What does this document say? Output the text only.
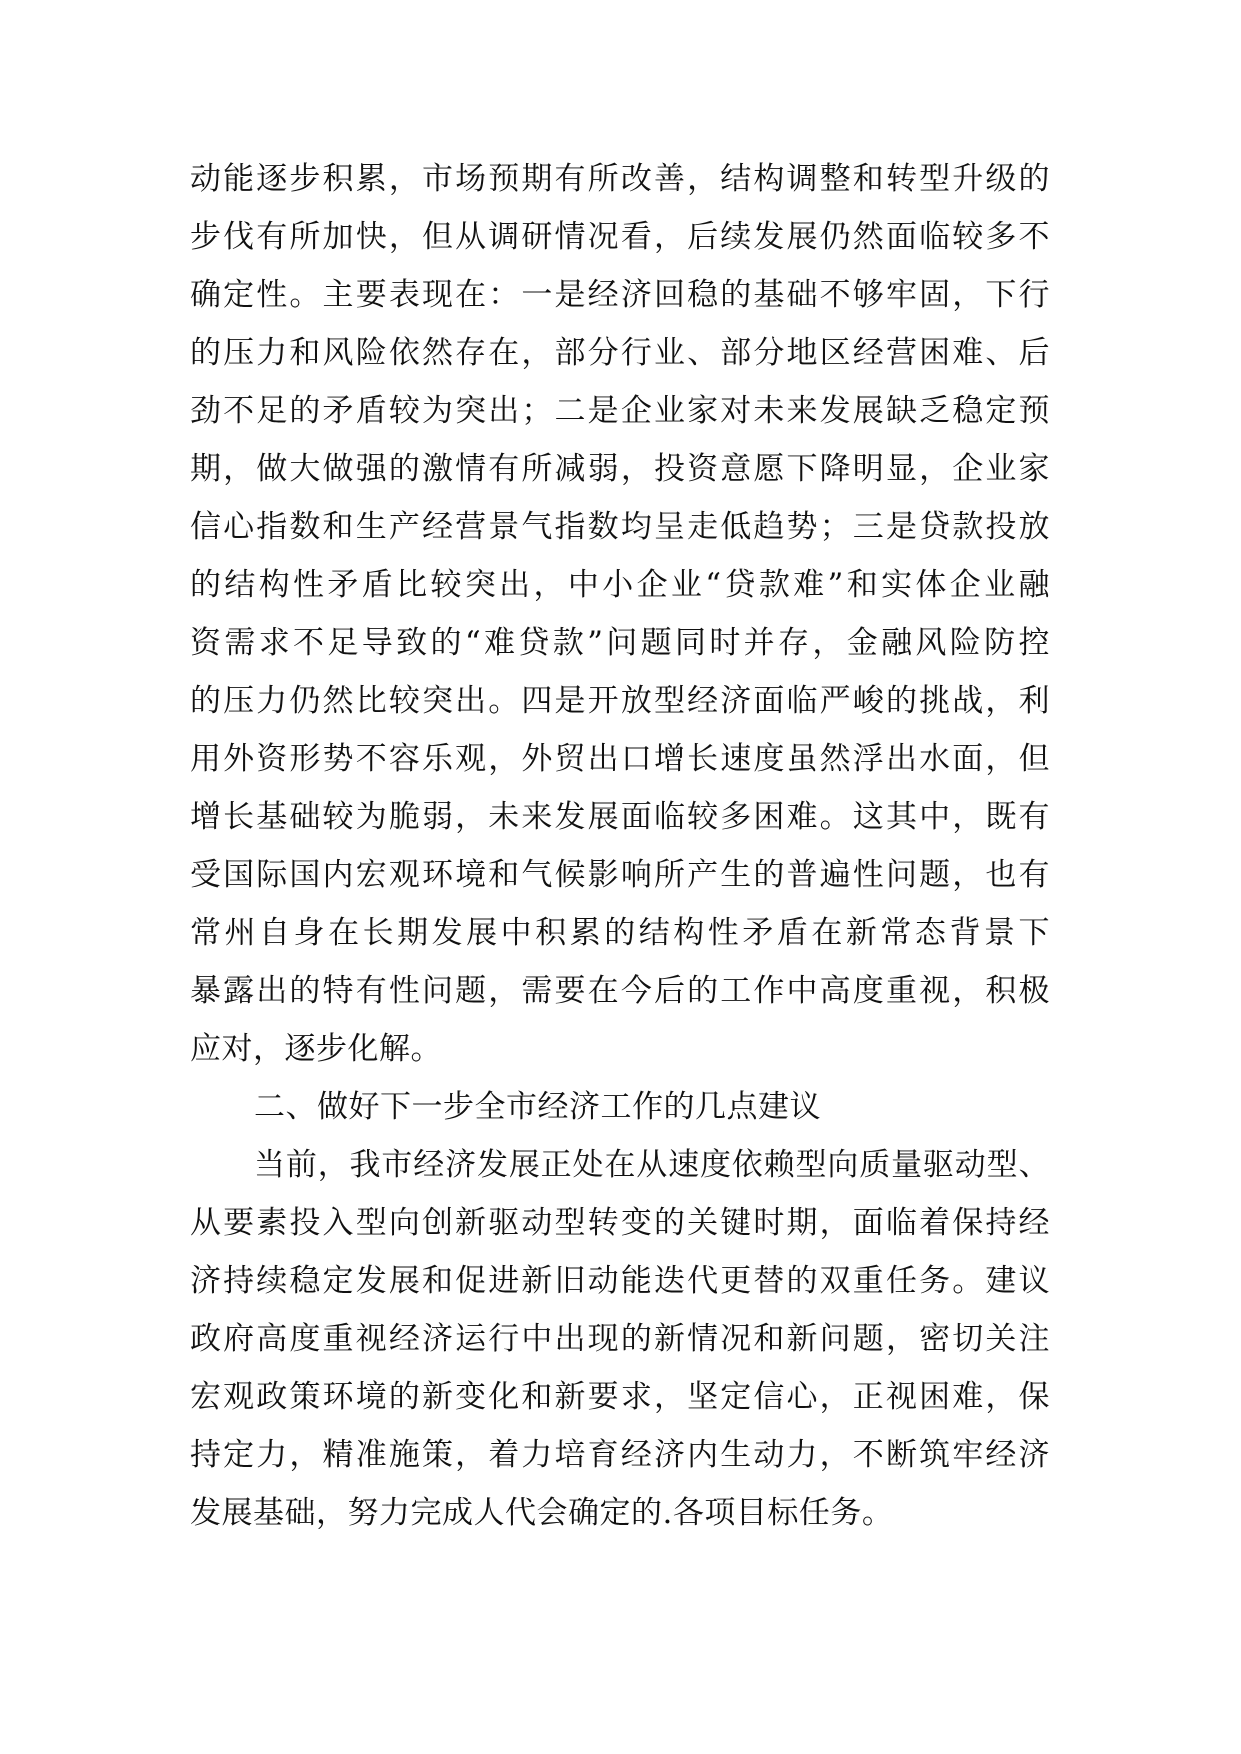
动能逐步积累，市场预期有所改善，结构调整和转型升级的
步伐有所加快，但从调研情况看，后续发展仍然面临较多不
确定性。主要表现在：一是经济回稳的基础不够牢固，下行
的压力和风险依然存在，部分行业、部分地区经营困难、后
劲不足的矛盾较为突出；二是企业家对未来发展缺乏稳定预
期，做大做强的激情有所减弱，投资意愿下降明显，企业家
信心指数和生产经营景气指数均呈走低趋势；三是贷款投放
的结构性矛盾比较突出，中小企业“贷款难”和实体企业融
资需求不足导致的“难贷款”问题同时并存，金融风险防控
的压力仍然比较突出。四是开放型经济面临严峻的挑战，利
用外资形势不容乐观，外贸出口增长速度虽然浮出水面，但
增长基础较为脆弱，未来发展面临较多困难。这其中，既有
受国际国内宏观环境和气候影响所产生的普遍性问题，也有
常州自身在长期发展中积累的结构性矛盾在新常态背景下
暴露出的特有性问题，需要在今后的工作中高度重视，积极
应对，逐步化解。
二、做好下一步全市经济工作的几点建议
当前，我市经济发展正处在从速度依赖型向质量驱动型、
从要素投入型向创新驱动型转变的关键时期，面临着保持经
济持续稳定发展和促进新旧动能迭代更替的双重任务。建议
政府高度重视经济运行中出现的新情况和新问题，密切关注
宏观政策环境的新变化和新要求，坚定信心，正视困难，保
持定力，精准施策，着力培育经济内生动力，不断筑牢经济
发展基础，努力完成人代会确定的.各项目标任务。
